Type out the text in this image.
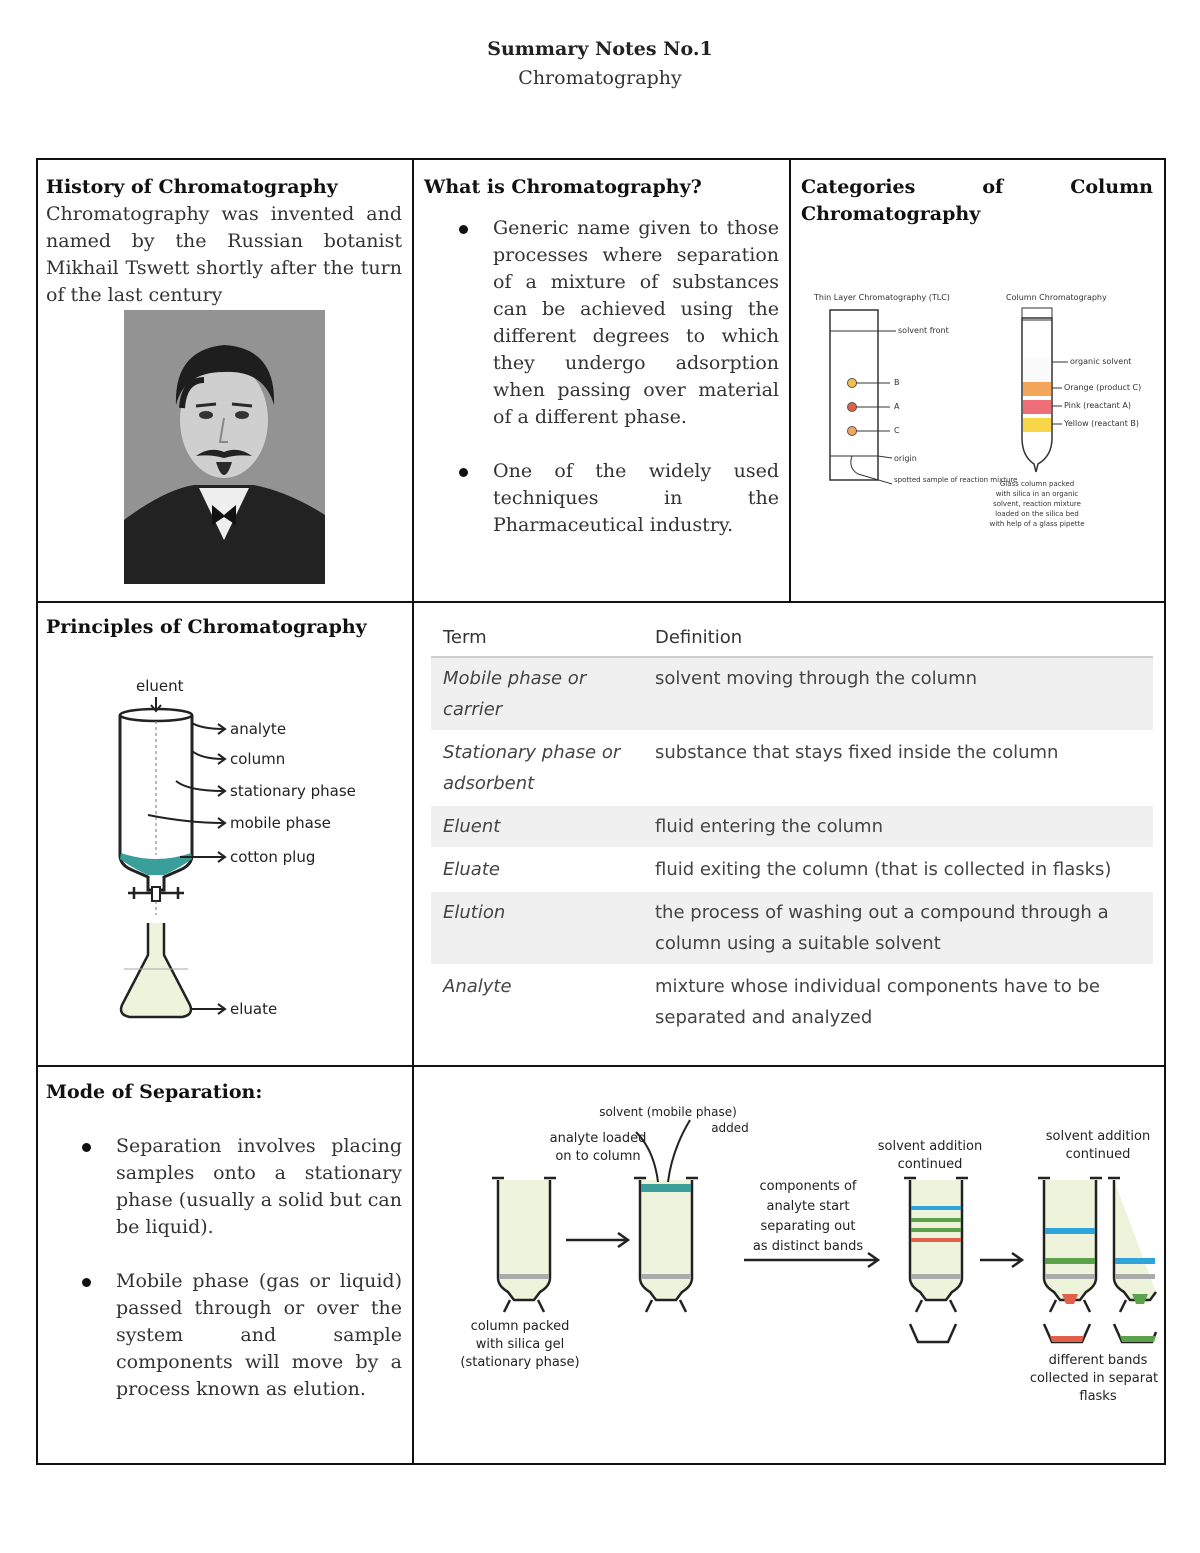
Summary Notes No.1
Chromatography
History of Chromatography

Chromatography was invented and named by the Russian botanist Mikhail Tswett shortly after the turn of the last century

What is Chromatography?
Generic name given to those processes where separation of a mixture of substances can be achieved using the different degrees to which they undergo adsorption when passing over material of a different phase.
One of the widely used techniques in the Pharmaceutical industry.
Categories of Column Chromatography
Thin Layer Chromatography (TLC)
solvent front
B
A
C
origin
spotted sample of reaction mixture
Column Chromatography
organic solvent
Orange (product C)
Pink (reactant A)
Yellow (reactant B)
Glass column packed
with silica in an organic
solvent, reaction mixture
loaded on the silica bed
with help of a glass pipette
Principles of Chromatography
eluent
analyte
column
stationary phase
mobile phase
cotton plug
eluate
Term	Definition
Mobile phase or carrier	solvent moving through the column
Stationary phase or adsorbent	substance that stays fixed inside the column
Eluent	fluid entering the column
Eluate	fluid exiting the column (that is collected in flasks)
Elution	the process of washing out a compound through a column using a suitable solvent
Analyte	mixture whose individual components have to be separated and analyzed
Mode of Separation:
Separation involves placing samples onto a stationary phase (usually a solid but can be liquid).
Mobile phase (gas or liquid) passed through or over the system and sample components will move by a process known as elution.
column packed
with silica gel
(stationary phase)
solvent (mobile phase)
added
analyte loaded
on to column
components of
analyte start
separating out
as distinct bands
solvent addition
continued
solvent addition
continued
different bands
collected in separate
flasks
